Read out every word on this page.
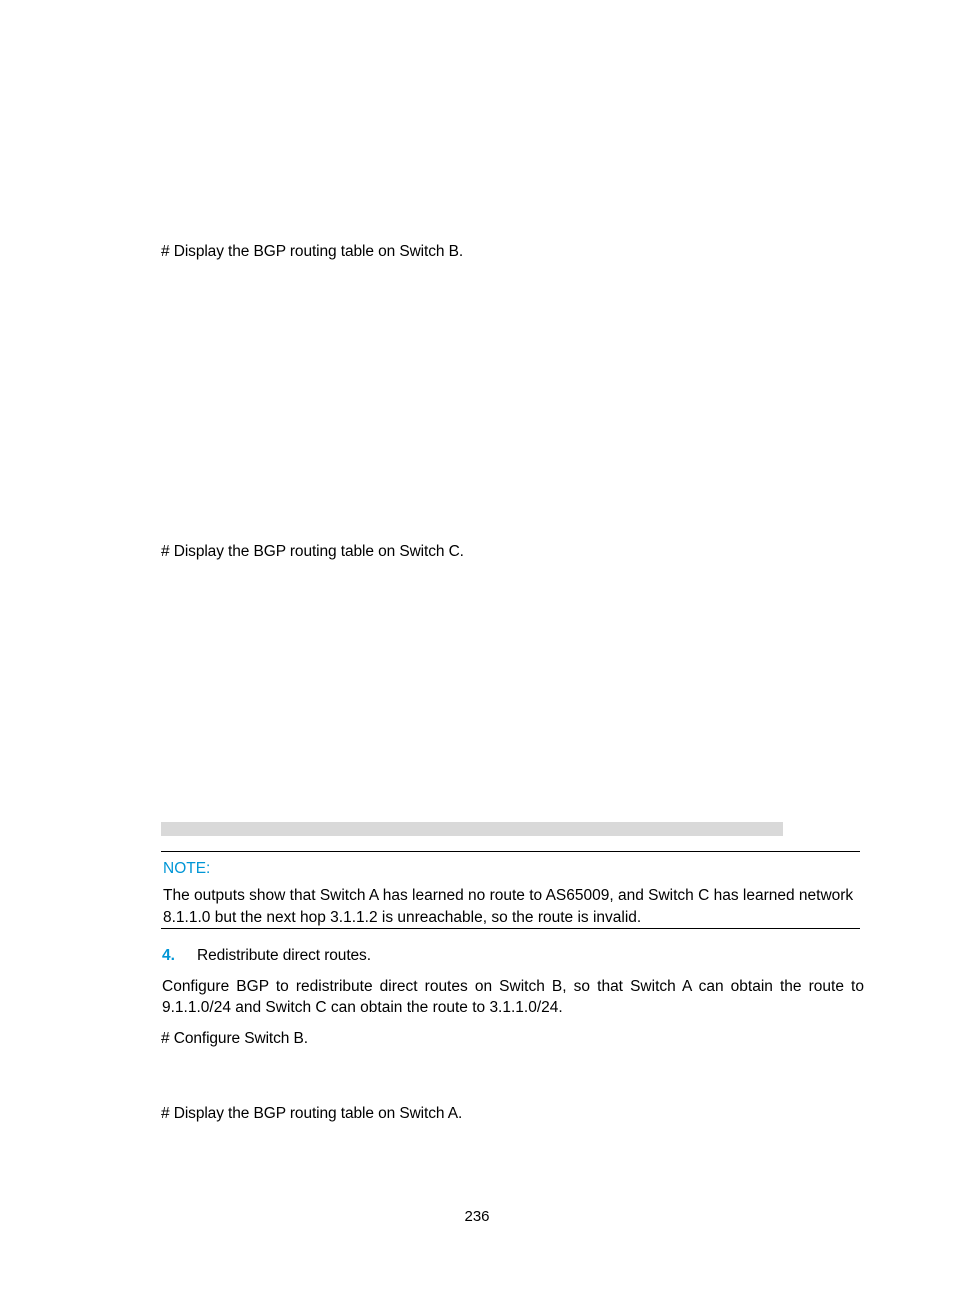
# Display the BGP routing table on Switch B.
# Display the BGP routing table on Switch C.
NOTE:
The outputs show that Switch A has learned no route to AS65009, and Switch C has learned network 8.1.1.0 but the next hop 3.1.1.2 is unreachable, so the route is invalid.
4. Redistribute direct routes.
Configure BGP to redistribute direct routes on Switch B, so that Switch A can obtain the route to 9.1.1.0/24 and Switch C can obtain the route to 3.1.1.0/24.
# Configure Switch B.
# Display the BGP routing table on Switch A.
236
